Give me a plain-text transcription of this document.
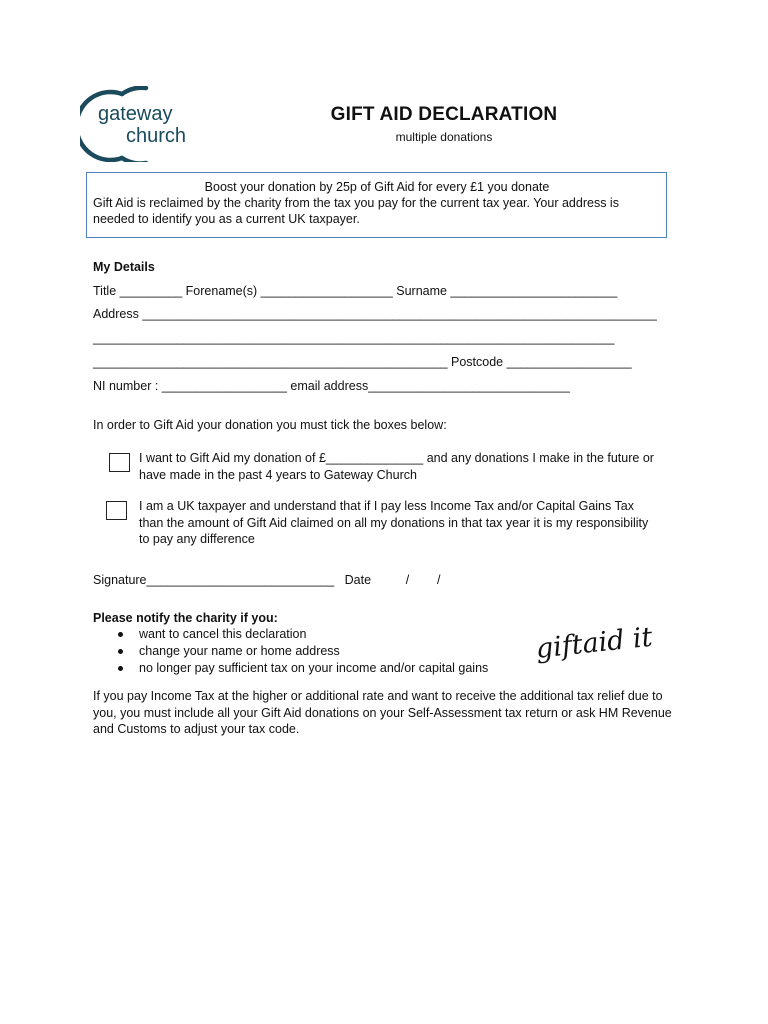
gateway
church
GIFT AID DECLARATION
multiple donations
Boost your donation by 25p of Gift Aid for every £1 you donate
Gift Aid is reclaimed by the charity from the tax you pay for the current tax year. Your address is needed to identify you as a current UK taxpayer.
My Details
Title _________ Forename(s) ___________________ Surname ________________________
Address __________________________________________________________________________
___________________________________________________________________________
___________________________________________________ Postcode __________________
NI number : __________________ email address_____________________________
In order to Gift Aid your donation you must tick the boxes below:
I want to Gift Aid my donation of £______________ and any donations I make in the future or have made in the past 4 years to Gateway Church
I am a UK taxpayer and understand that if I pay less Income Tax and/or Capital Gains Tax than the amount of Gift Aid claimed on all my donations in that tax year it is my responsibility to pay any difference
Signature___________________________   Date          /        /
Please notify the charity if you:
want to cancel this declaration
change your name or home address
no longer pay sufficient tax on your income and/or capital gains
giftaid it
If you pay Income Tax at the higher or additional rate and want to receive the additional tax relief due to you, you must include all your Gift Aid donations on your Self-Assessment tax return or ask HM Revenue and Customs to adjust your tax code.
